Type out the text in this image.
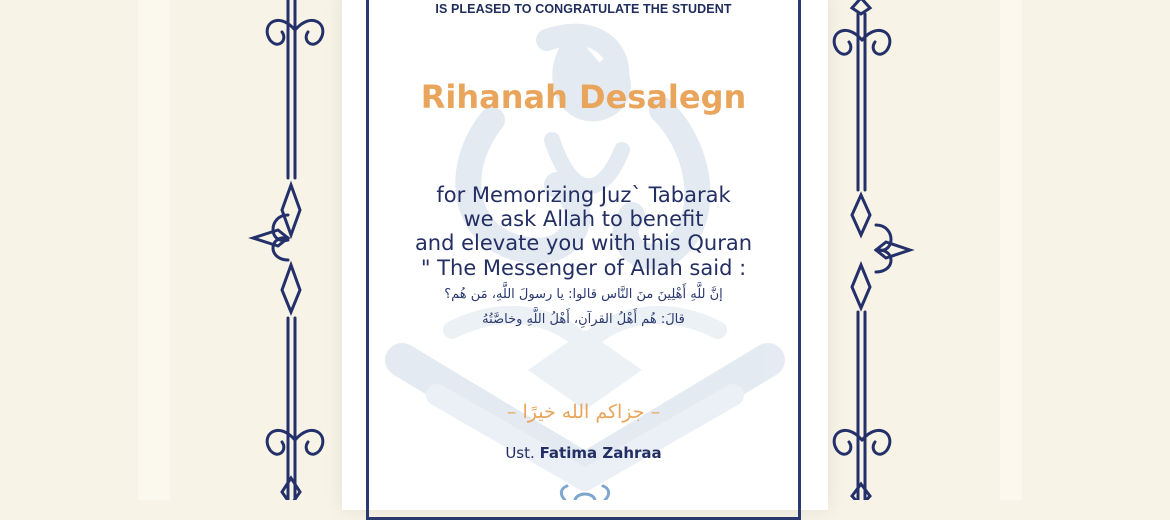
IS PLEASED TO CONGRATULATE THE STUDENT
Rihanah Desalegn
for Memorizing Juz` Tabarak
we ask Allah to benefit
and elevate you with this Quran
" The Messenger of Allah said :
إنَّ للَّهِ أَهْلِينَ منَ النَّاس قالوا: يا رسولَ اللَّهِ، مَن هُم؟
قالَ: هُم أَهْلُ القرآنِ، أَهْلُ اللَّهِ وخاصَّتُهُ
– جزاكم الله خيرًا –
Ust. Fatima Zahraa
